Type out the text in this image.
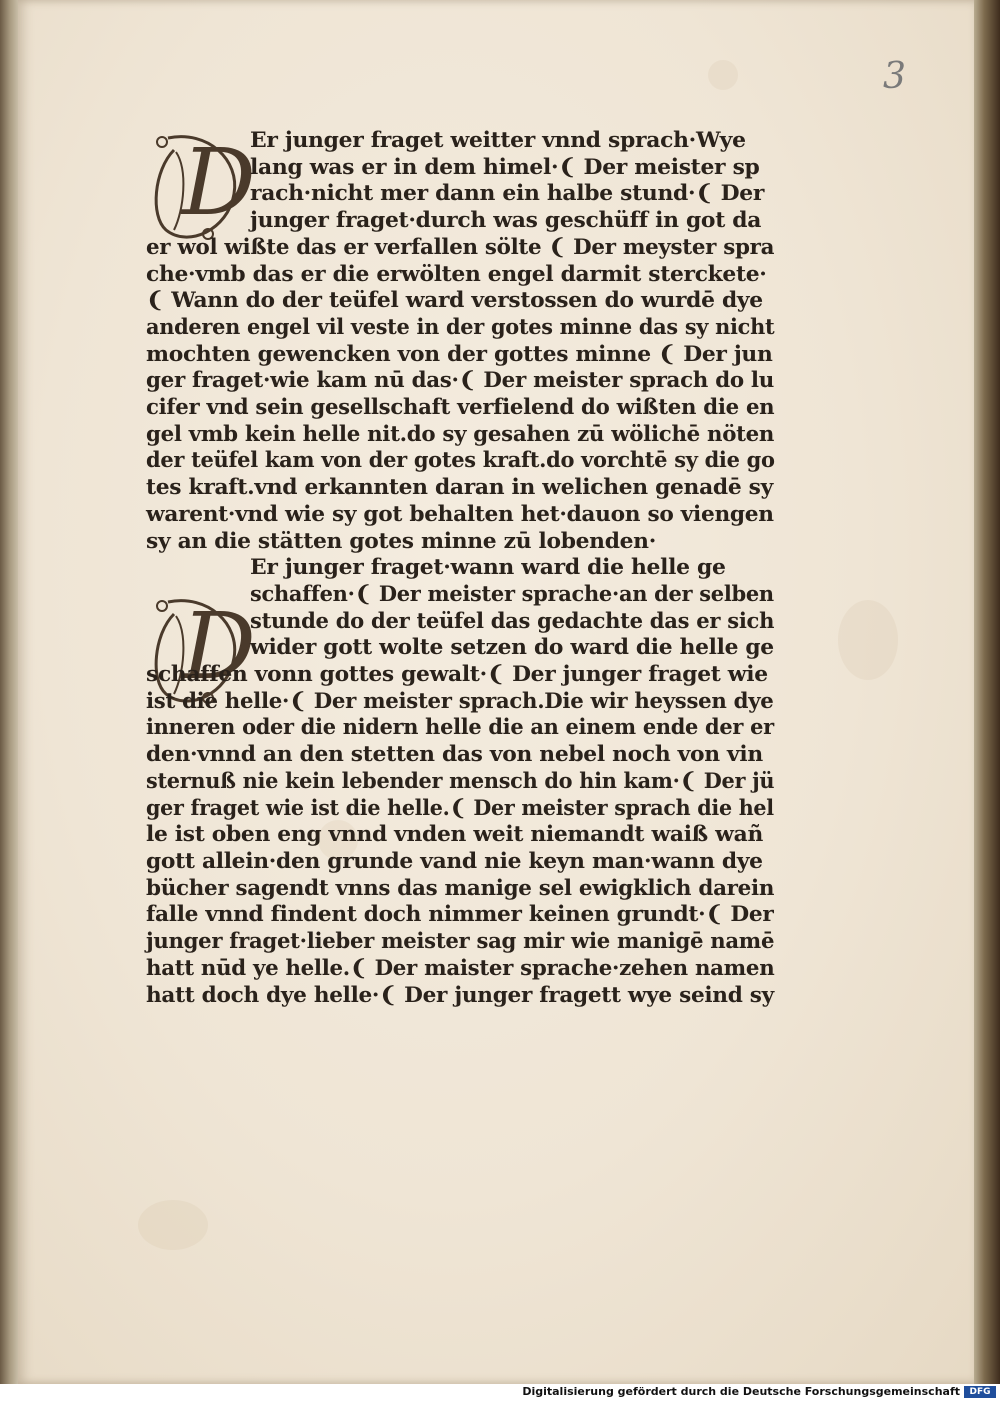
3
D
D
Er junger fraget weitter vnnd sprach·Wye
lang was er in dem himel·❨ Der meister sp
rach·nicht mer dann ein halbe stund·❨ Der
junger fraget·durch was geschüff in got da
er wol wißte das er verfallen sölte ❨ Der meyster spra
che·vmb das er die erwölten engel darmit sterckete·
❨ Wann do der teüfel ward verstossen do wurdē dye
anderen engel vil veste in der gotes minne das sy nicht
mochten gewencken von der gottes minne ❨ Der jun
ger fraget·wie kam nū das·❨ Der meister sprach do lu
cifer vnd sein gesellschaft verfielend do wißten die en
gel vmb kein helle nit.do sy gesahen zū wölichē nöten
der teüfel kam von der gotes kraft.do vorchtē sy die go
tes kraft.vnd erkannten daran in welichen genadē sy
warent·vnd wie sy got behalten het·dauon so viengen
sy an die stätten gotes minne zū lobenden·
Er junger fraget·wann ward die helle ge
schaffen·❨ Der meister sprache·an der selben
stunde do der teüfel das gedachte das er sich
wider gott wolte setzen do ward die helle ge
schaffen vonn gottes gewalt·❨ Der junger fraget wie
ist die helle·❨ Der meister sprach.Die wir heyssen dye
inneren oder die nidern helle die an einem ende der er
den·vnnd an den stetten das von nebel noch von vin
sternuß nie kein lebender mensch do hin kam·❨ Der jü
ger fraget wie ist die helle.❨ Der meister sprach die hel
le ist oben eng vnnd vnden weit niemandt waiß wañ
gott allein·den grunde vand nie keyn man·wann dye
bücher sagendt vnns das manige sel ewigklich darein
falle vnnd findent doch nimmer keinen grundt·❨ Der
junger fraget·lieber meister sag mir wie manigē namē
hatt nūd ye helle.❨ Der maister sprache·zehen namen
hatt doch dye helle·❨ Der junger fragett wye seind sy
Digitalisierung gefördert durch die Deutsche Forschungsgemeinschaft	DFG
